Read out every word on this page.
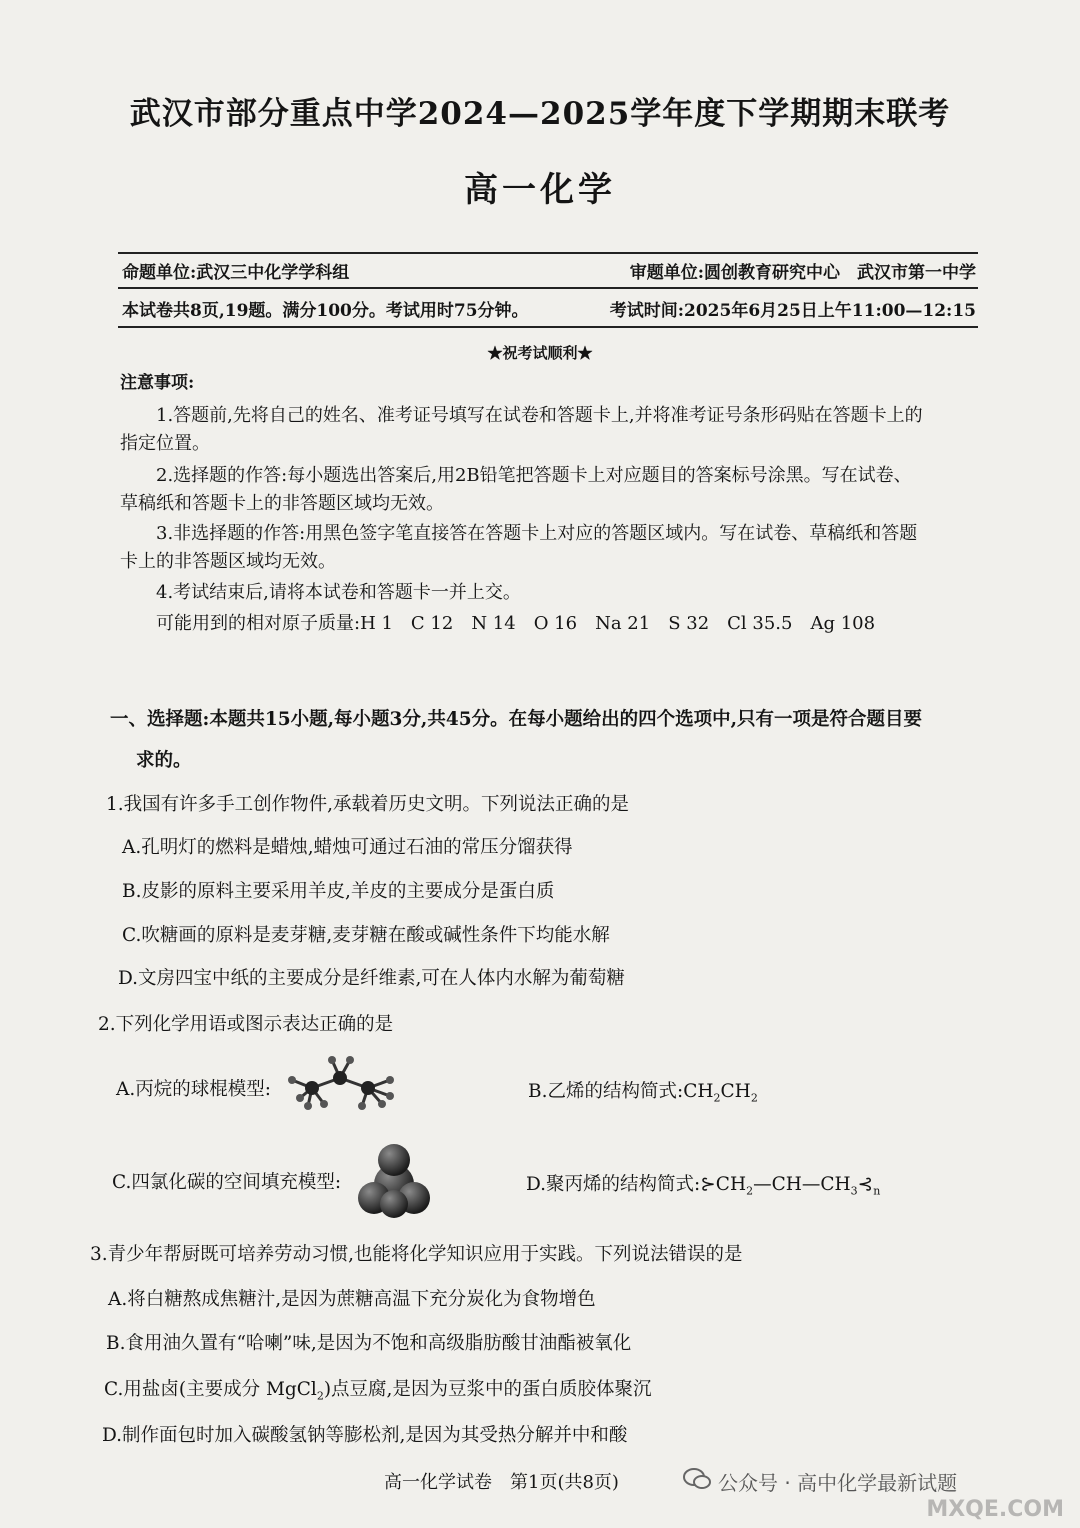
武汉市部分重点中学2024—2025学年度下学期期末联考
高一化学
命题单位:武汉三中化学学科组	审题单位:圆创教育研究中心　武汉市第一中学
本试卷共8页,19题。满分100分。考试用时75分钟。	考试时间:2025年6月25日上午11:00—12:15
★祝考试顺利★
注意事项:
1.答题前,先将自己的姓名、准考证号填写在试卷和答题卡上,并将准考证号条形码贴在答题卡上的
指定位置。
2.选择题的作答:每小题选出答案后,用2B铅笔把答题卡上对应题目的答案标号涂黑。写在试卷、
草稿纸和答题卡上的非答题区域均无效。
3.非选择题的作答:用黑色签字笔直接答在答题卡上对应的答题区域内。写在试卷、草稿纸和答题
卡上的非答题区域均无效。
4.考试结束后,请将本试卷和答题卡一并上交。
可能用到的相对原子质量:H 1　C 12　N 14　O 16　Na 21　S 32　Cl 35.5　Ag 108
一、选择题:本题共15小题,每小题3分,共45分。在每小题给出的四个选项中,只有一项是符合题目要
求的。
1.我国有许多手工创作物件,承载着历史文明。下列说法正确的是
A.孔明灯的燃料是蜡烛,蜡烛可通过石油的常压分馏获得
B.皮影的原料主要采用羊皮,羊皮的主要成分是蛋白质
C.吹糖画的原料是麦芽糖,麦芽糖在酸或碱性条件下均能水解
D.文房四宝中纸的主要成分是纤维素,可在人体内水解为葡萄糖
2.下列化学用语或图示表达正确的是
A.丙烷的球棍模型:	B.乙烯的结构简式$:CH_2CH_2$
C.四氯化碳的空间填充模型:	D.聚丙烯的结构简式$:⊱CH_2—CH—CH_3⊰_n$
3.青少年帮厨既可培养劳动习惯,也能将化学知识应用于实践。下列说法错误的是
A.将白糖熬成焦糖汁,是因为蔗糖高温下充分炭化为食物增色
B.食用油久置有“哈喇”味,是因为不饱和高级脂肪酸甘油酯被氧化
C.用盐卤(主要成分 MgCl$_2$)点豆腐,是因为豆浆中的蛋白质胶体聚沉
D.制作面包时加入碳酸氢钠等膨松剂,是因为其受热分解并中和酸
高一化学试卷　第1页(共8页)	公众号 · 高中化学最新试题
MXQE.COM
